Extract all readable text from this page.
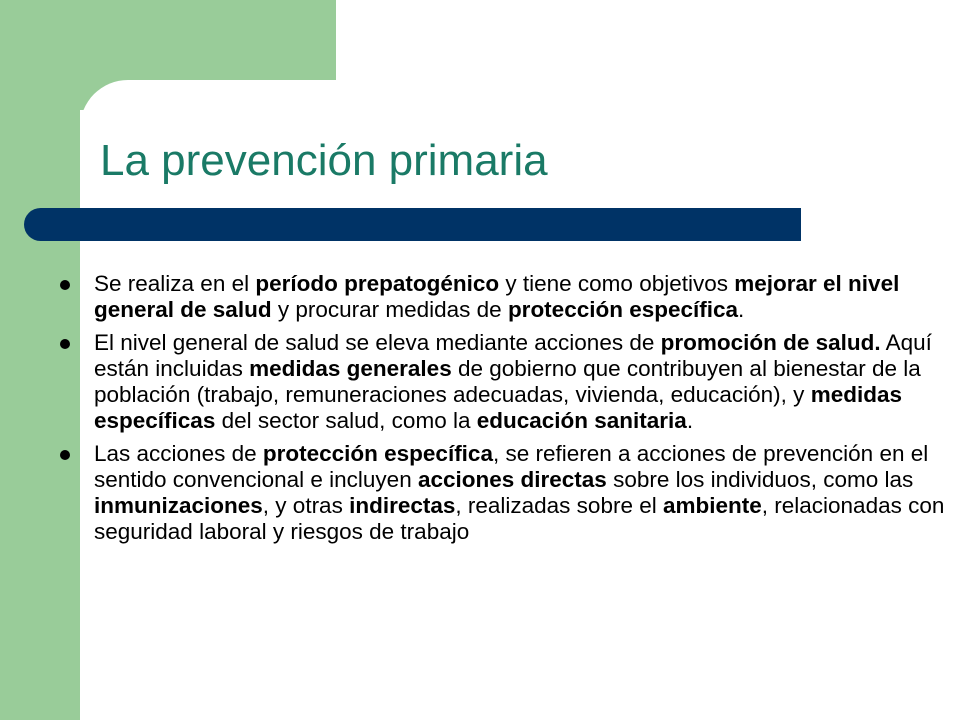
La prevención primaria
Se realiza en el período prepatogénico y tiene como objetivos mejorar el nivel general de salud y procurar medidas de protección específica.
El nivel general de salud se eleva mediante acciones de promoción de salud. Aquí están incluidas medidas generales de gobierno que contribuyen al bienestar de la población (trabajo, remuneraciones adecuadas, vivienda, educación), y medidas específicas del sector salud, como la educación sanitaria.
Las acciones de protección específica, se refieren a acciones de prevención en el sentido convencional e incluyen acciones directas sobre los individuos, como las inmunizaciones, y otras indirectas, realizadas sobre el ambiente, relacionadas con seguridad laboral y riesgos de trabajo
